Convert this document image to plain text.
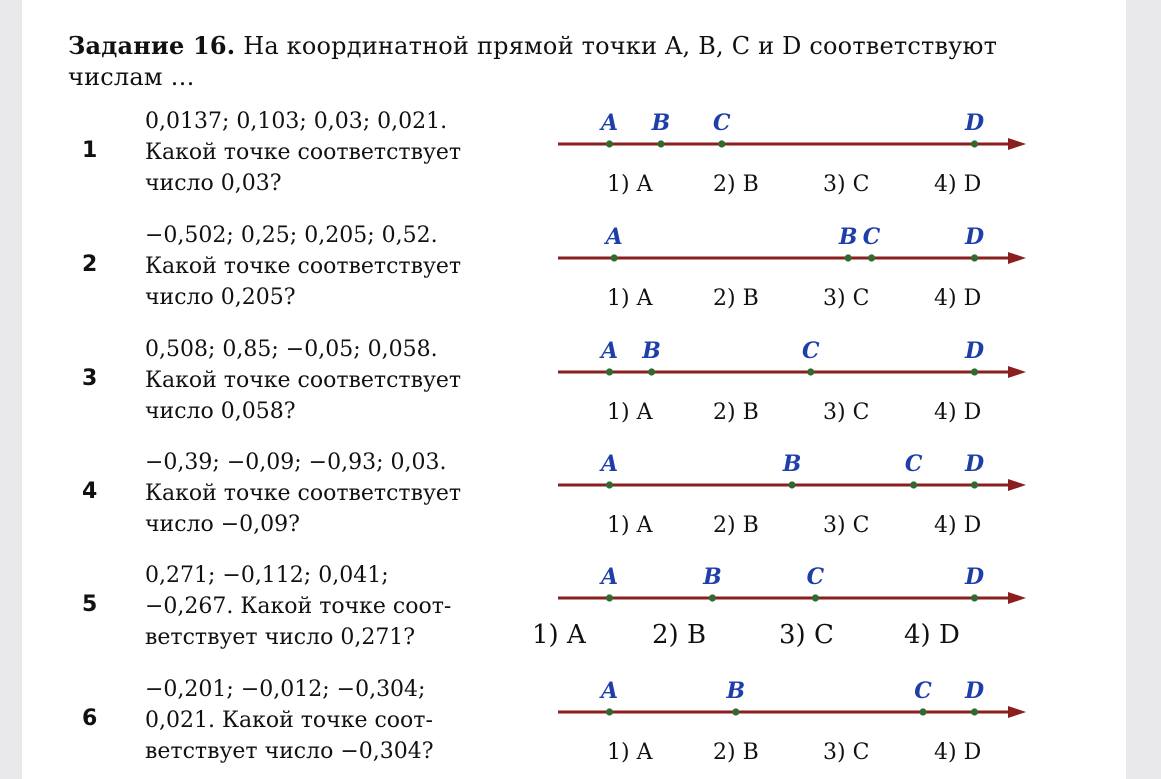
Задание 16. На координатной прямой точки A, B, C и D соответствуют
числам …
1
0,0137; 0,103; 0,03; 0,021.
Какой точке соответствует
число 0,03?
A B C	D
1) A	2) B	3) C	4) D
2
−0,502; 0,25; 0,205; 0,52.
Какой точке соответствует
число 0,205?
A	B C	D
1) A	2) B	3) C	4) D
3
0,508; 0,85; −0,05; 0,058.
Какой точке соответствует
число 0,058?
A B	C	D
1) A	2) B	3) C	4) D
4
−0,39; −0,09; −0,93; 0,03.
Какой точке соответствует
число −0,09?
A	B	C D
1) A	2) B	3) C	4) D
5
0,271; −0,112; 0,041;
−0,267. Какой точке соот-
ветствует число 0,271?
A	B	C	D
1) A	2) B	3) C	4) D
6
−0,201; −0,012; −0,304;
0,021. Какой точке соот-
ветствует число −0,304?
A	B	C D
1) A	2) B	3) C	4) D
